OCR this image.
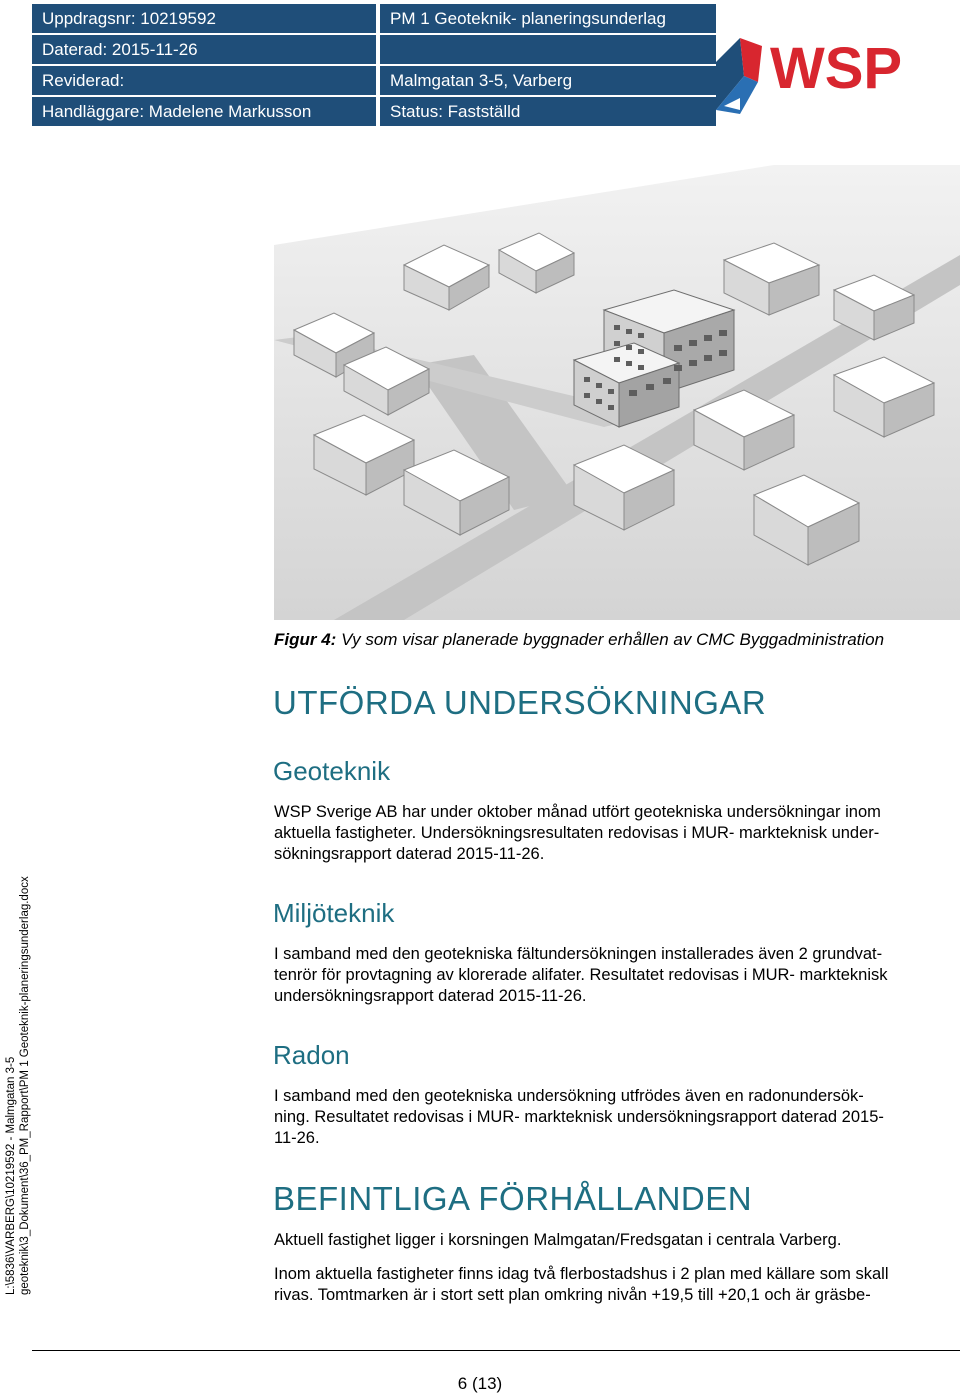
Uppdragsnr: 10219592
Daterad: 2015-11-26
Reviderad:
Handläggare: Madelene Markusson
PM 1 Geoteknik- planeringsunderlag
Malmgatan 3-5, Varberg
Status: Fastställd
WSP
Figur 4: Vy som visar planerade byggnader erhållen av CMC Byggadministration
UTFÖRDA UNDERSÖKNINGAR
Geoteknik
WSP Sverige AB har under oktober månad utfört geotekniska undersökningar inom
aktuella fastigheter. Undersökningsresultaten redovisas i MUR- markteknisk under-
sökningsrapport daterad 2015-11-26.
Miljöteknik
I samband med den geotekniska fältundersökningen installerades även 2 grundvat-
tenrör för provtagning av klorerade alifater. Resultatet redovisas i MUR- markteknisk
undersökningsrapport daterad 2015-11-26.
Radon
I samband med den geotekniska undersökning utfrödes även en radonundersök-
ning. Resultatet redovisas i MUR- markteknisk undersökningsrapport daterad 2015-
11-26.
BEFINTLIGA FÖRHÅLLANDEN
Aktuell fastighet ligger i korsningen Malmgatan/Fredsgatan i centrala Varberg.
Inom aktuella fastigheter finns idag två flerbostadshus i 2 plan med källare som skall
rivas. Tomtmarken är i stort sett plan omkring nivån +19,5 till +20,1 och är gräsbe-
L:\5836\VARBERG\10219592 - Malmgatan 3-5 geoteknik\3_Dokument\36_PM_Rapport\PM 1 Geoteknik-planeringsunderlag.docx
6 (13)
